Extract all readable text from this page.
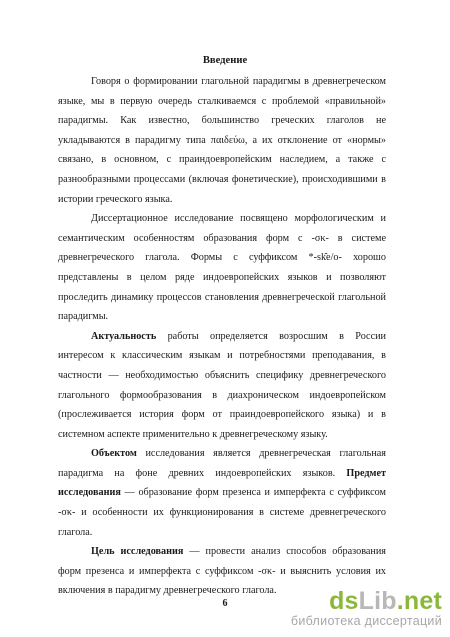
Введение

Говоря о формировании глагольной парадигмы в древнегреческом языке, мы в первую очередь сталкиваемся с проблемой «правильной» парадигмы. Как известно, большинство греческих глаголов не укладываются в парадигму типа παιδεύω, а их отклонение от «нормы» связано, в основном, с праиндоевропейским наследием, а также с разнообразными процессами (включая фонетические), происходившими в истории греческого языка.

Диссертационное исследование посвящено морфологическим и семантическим особенностям образования форм с -σκ- в системе древнегреческого глагола. Формы с суффиксом *-sk̑e/o- хорошо представлены в целом ряде индоевропейских языков и позволяют проследить динамику процессов становления древнегреческой глагольной парадигмы.

Актуальность работы определяется возросшим в России интересом к классическим языкам и потребностями преподавания, в частности — необходимостью объяснить специфику древнегреческого глагольного формообразования в диахроническом индоевропейском (прослеживается история форм от праиндоевропейского языка) и в системном аспекте применительно к древнегреческому языку.

Объектом исследования является древнегреческая глагольная парадигма на фоне древних индоевропейских языков. Предмет исследования — образование форм презенса и имперфекта с суффиксом -σκ- и особенности их функционирования в системе древнегреческого глагола.

Цель исследования — провести анализ способов образования форм презенса и имперфекта с суффиксом -σκ- и выяснить условия их включения в парадигму древнегреческого глагола.

6	dsLib.net
библиотека диссертаций
